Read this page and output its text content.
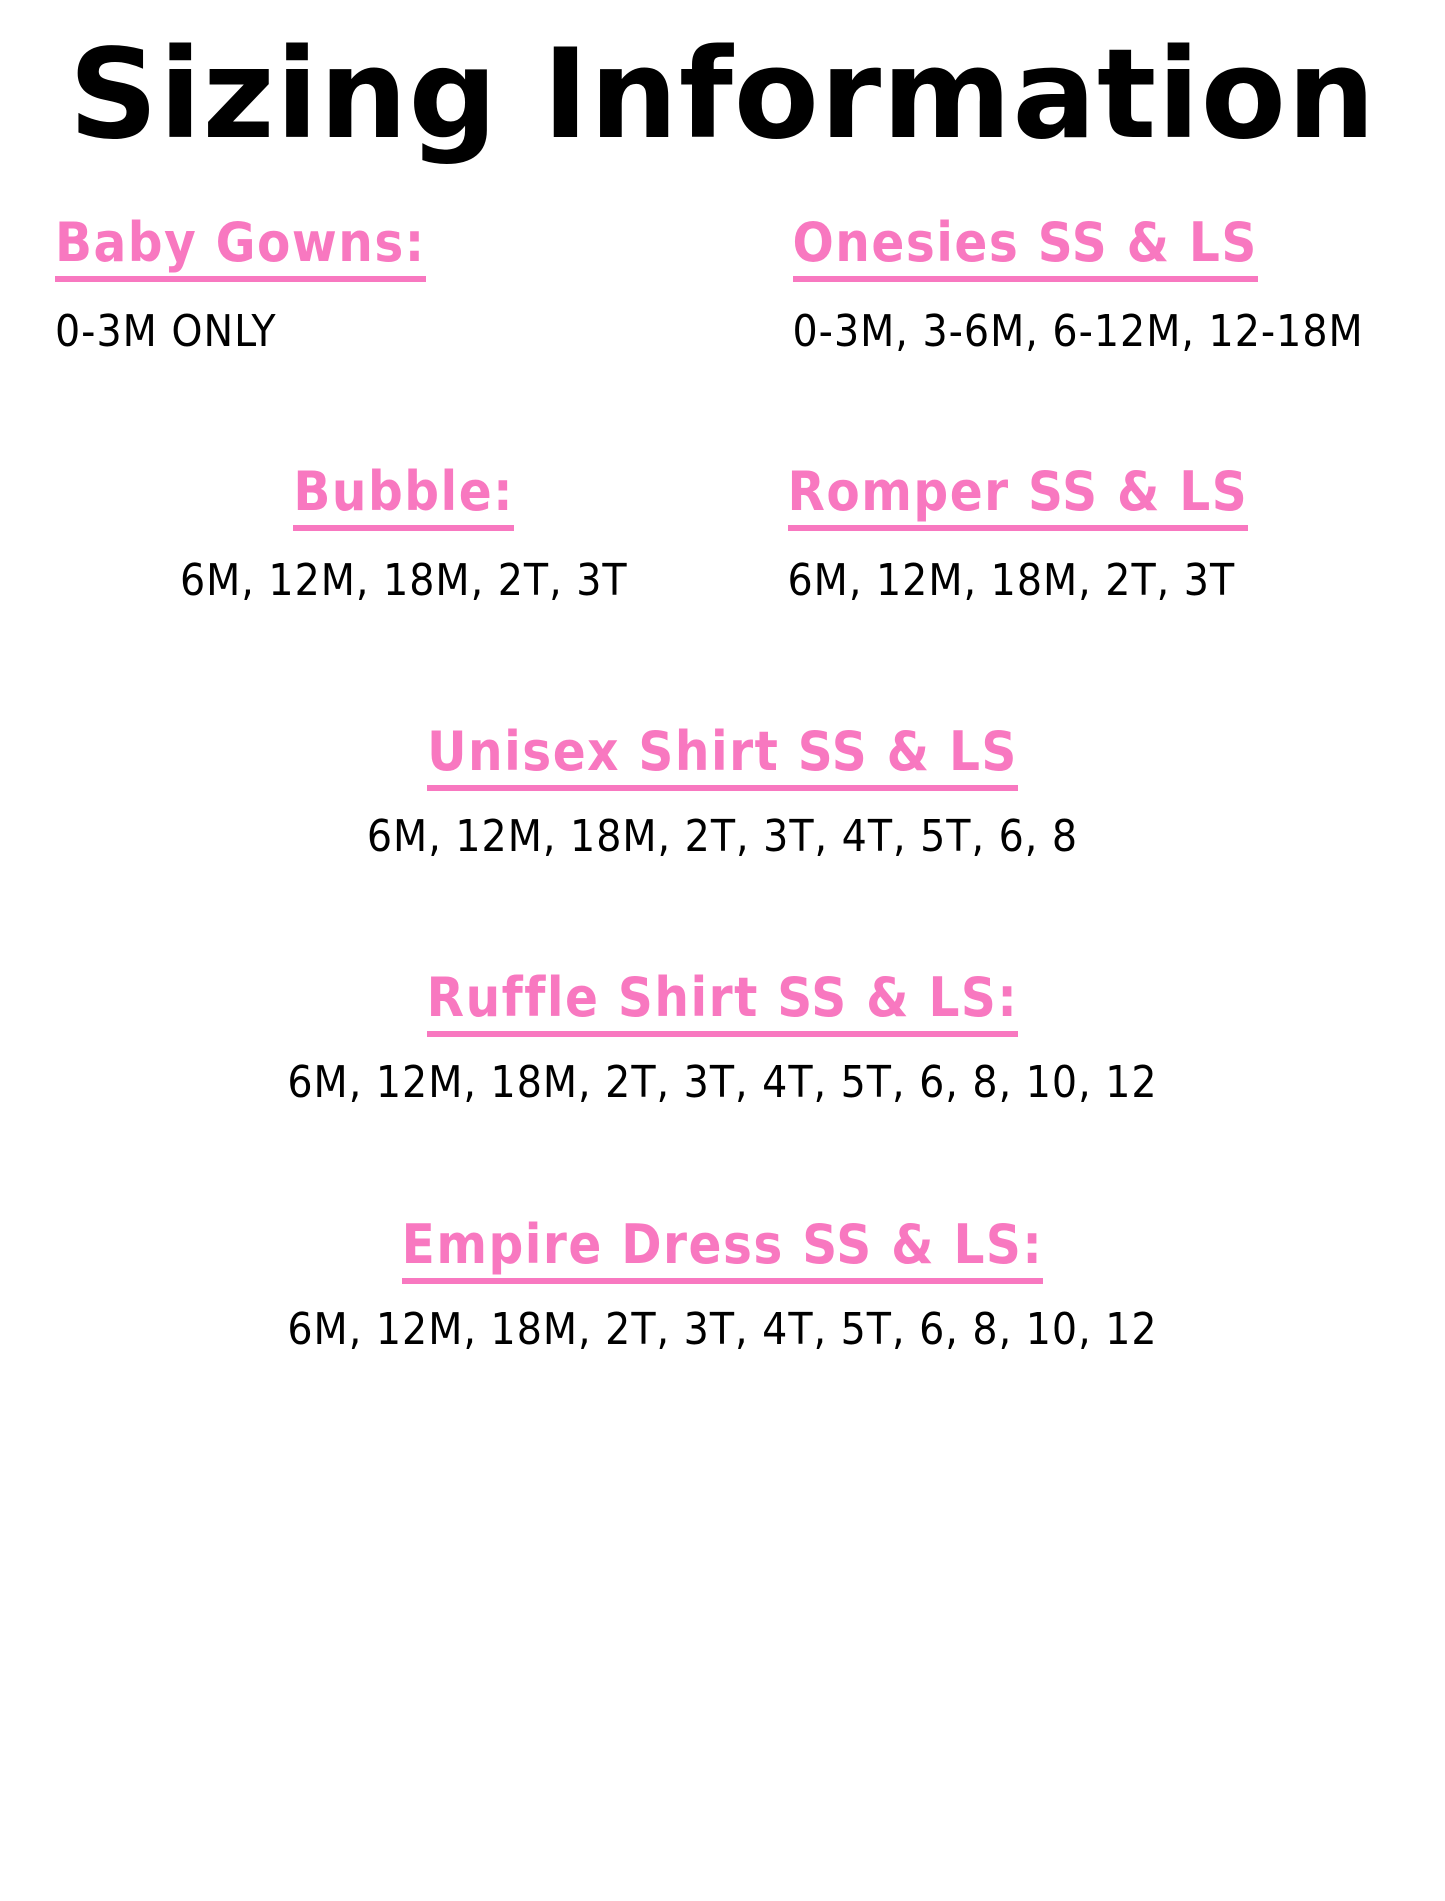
Sizing Information
Baby Gowns:
0-3M ONLY
Onesies SS & LS
0-3M, 3-6M, 6-12M, 12-18M
Bubble:
6M, 12M, 18M, 2T, 3T
Romper SS & LS
6M, 12M, 18M, 2T, 3T
Unisex Shirt SS & LS
6M, 12M, 18M, 2T, 3T, 4T, 5T, 6, 8
Ruffle Shirt SS & LS:
6M, 12M, 18M, 2T, 3T, 4T, 5T, 6, 8, 10, 12
Empire Dress SS & LS:
6M, 12M, 18M, 2T, 3T, 4T, 5T, 6, 8, 10, 12
